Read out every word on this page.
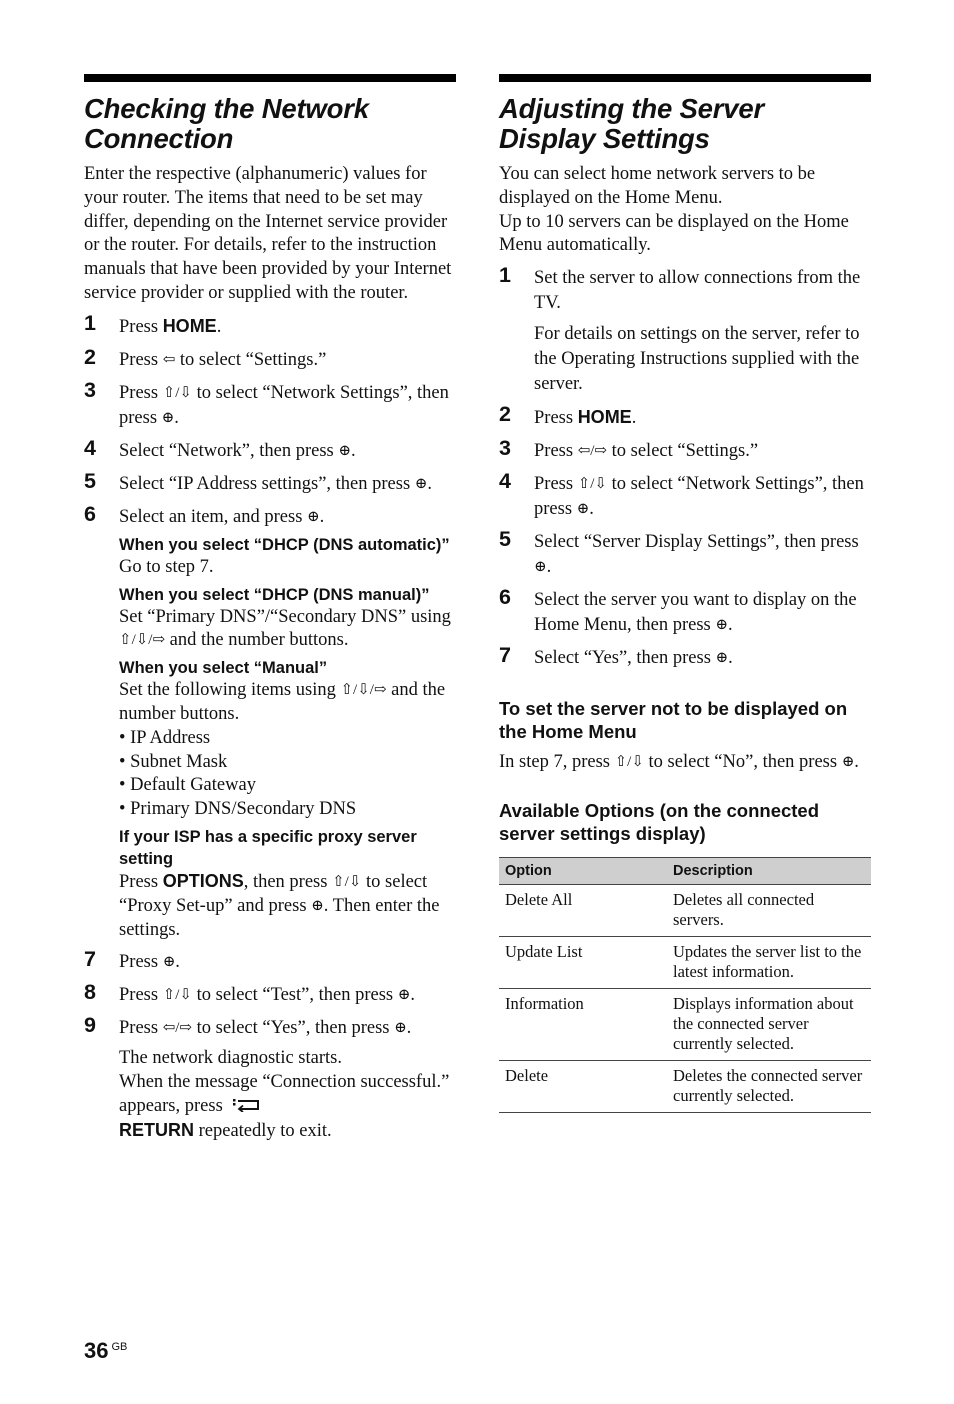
Checking the Network
Connection

Enter the respective (alphanumeric) values for your router. The items that need to be set may differ, depending on the Internet service provider or the router. For details, refer to the instruction manuals that have been provided by your Internet service provider or supplied with the router.

1 Press HOME.
2 Press ⇦ to select “Settings.”
3 Press ⇧/⇩ to select “Network Settings”, then press ⊕.
4 Select “Network”, then press ⊕.
5 Select “IP Address settings”, then press ⊕.
6 Select an item, and press ⊕.
When you select “DHCP (DNS automatic)”
Go to step 7.
When you select “DHCP (DNS manual)”
Set “Primary DNS”/“Secondary DNS” using ⇧/⇩/⇨ and the number buttons.
When you select “Manual”
Set the following items using ⇧/⇩/⇨ and the number buttons.
• IP Address
• Subnet Mask
• Default Gateway
• Primary DNS/Secondary DNS
If your ISP has a specific proxy server setting
Press OPTIONS, then press ⇧/⇩ to select “Proxy Set-up” and press ⊕. Then enter the settings.
7 Press ⊕.
8 Press ⇧/⇩ to select “Test”, then press ⊕.
9 Press ⇦/⇨ to select “Yes”, then press ⊕.
The network diagnostic starts.
When the message “Connection successful.” appears, press
RETURN repeatedly to exit.
Adjusting the Server
Display Settings

You can select home network servers to be displayed on the Home Menu.

Up to 10 servers can be displayed on the Home Menu automatically.

1 Set the server to allow connections from the TV.
For details on settings on the server, refer to the Operating Instructions supplied with the server.
2 Press HOME.
3 Press ⇦/⇨ to select “Settings.”
4 Press ⇧/⇩ to select “Network Settings”, then press ⊕.
5 Select “Server Display Settings”, then press ⊕.
6 Select the server you want to display on the Home Menu, then press ⊕.
7 Select “Yes”, then press ⊕.
To set the server not to be displayed on the Home Menu

In step 7, press ⇧/⇩ to select “No”, then press ⊕.

Available Options (on the connected server settings display)
Option	Description
Delete All	Deletes all connected servers.
Update List	Updates the server list to the latest information.
Information	Displays information about the connected server currently selected.
Delete	Deletes the connected server currently selected.
36 $^{GB}$
